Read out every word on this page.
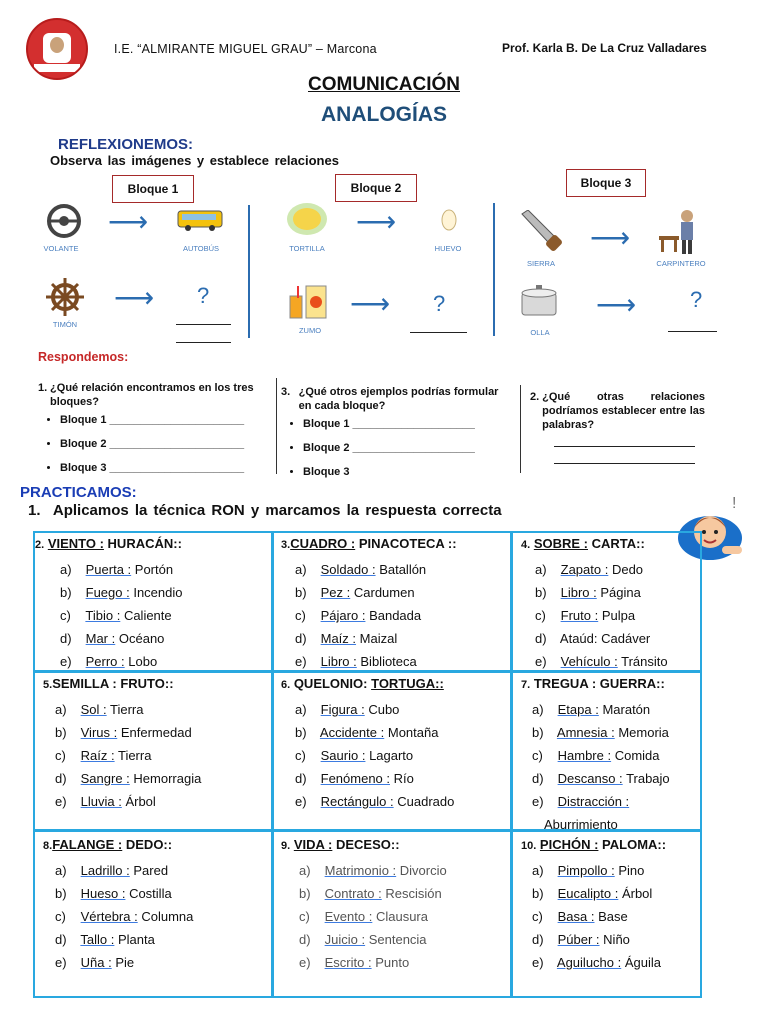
I.E. “ALMIRANTE MIGUEL GRAU” – Marcona	Prof. Karla B. De La Cruz Valladares
COMUNICACIÓN
ANALOGÍAS
REFLEXIONEMOS:
Observa las imágenes y establece relaciones
Bloque 1	Bloque 2	Bloque 3
VOLANTE
⟶
AUTOBÚS
TIMÓN
⟶ ?
TORTILLA
⟶
HUEVO
ZUMO
⟶ ?
SIERRA
⟶
CARPINTERO
OLLA
⟶ ?
Respondemos:
1. ¿Qué relación encontramos en los tres bloques?
• Bloque 1 ______________________
• Bloque 2 ______________________
• Bloque 3 ______________________
3. ¿Qué otros ejemplos podrías formular en cada bloque?
• Bloque 1 ____________________
• Bloque 2 ____________________
• Bloque 3
2. ¿Qué otras relaciones podríamos establecer entre las palabras?
PRACTICAMOS:
1. Aplicamos la técnica RON y marcamos la respuesta correcta	!
2. VIENTO : HURACÁN::
a) Puerta : Portón
b) Fuego : Incendio
c) Tibio : Caliente
d) Mar : Océano
e) Perro : Lobo
3.CUADRO : PINACOTECA ::
a) Soldado : Batallón
b) Pez : Cardumen
c) Pájaro : Bandada
d) Maíz : Maizal
e) Libro : Biblioteca
4. SOBRE : CARTA::
a) Zapato : Dedo
b) Libro : Página
c) Fruto : Pulpa
d) Ataúd: Cadáver
e) Vehículo : Tránsito
5.SEMILLA : FRUTO::
a) Sol : Tierra
b) Virus : Enfermedad
c) Raíz : Tierra
d) Sangre : Hemorragia
e) Lluvia : Árbol
6. QUELONIO: TORTUGA::
a) Figura : Cubo
b) Accidente : Montaña
c) Saurio : Lagarto
d) Fenómeno : Río
e) Rectángulo : Cuadrado
7. TREGUA : GUERRA::
a) Etapa : Maratón
b) Amnesia : Memoria
c) Hambre : Comida
d) Descanso : Trabajo
e) Distracción :
Aburrimiento
8.FALANGE : DEDO::
a) Ladrillo : Pared
b) Hueso : Costilla
c) Vértebra : Columna
d) Tallo : Planta
e) Uña : Pie
9. VIDA : DECESO::
a) Matrimonio : Divorcio
b) Contrato : Rescisión
c) Evento : Clausura
d) Juicio : Sentencia
e) Escrito : Punto
10. PICHÓN : PALOMA::
a) Pimpollo : Pino
b) Eucalipto : Árbol
c) Basa : Base
d) Púber : Niño
e) Aguilucho : Águila
